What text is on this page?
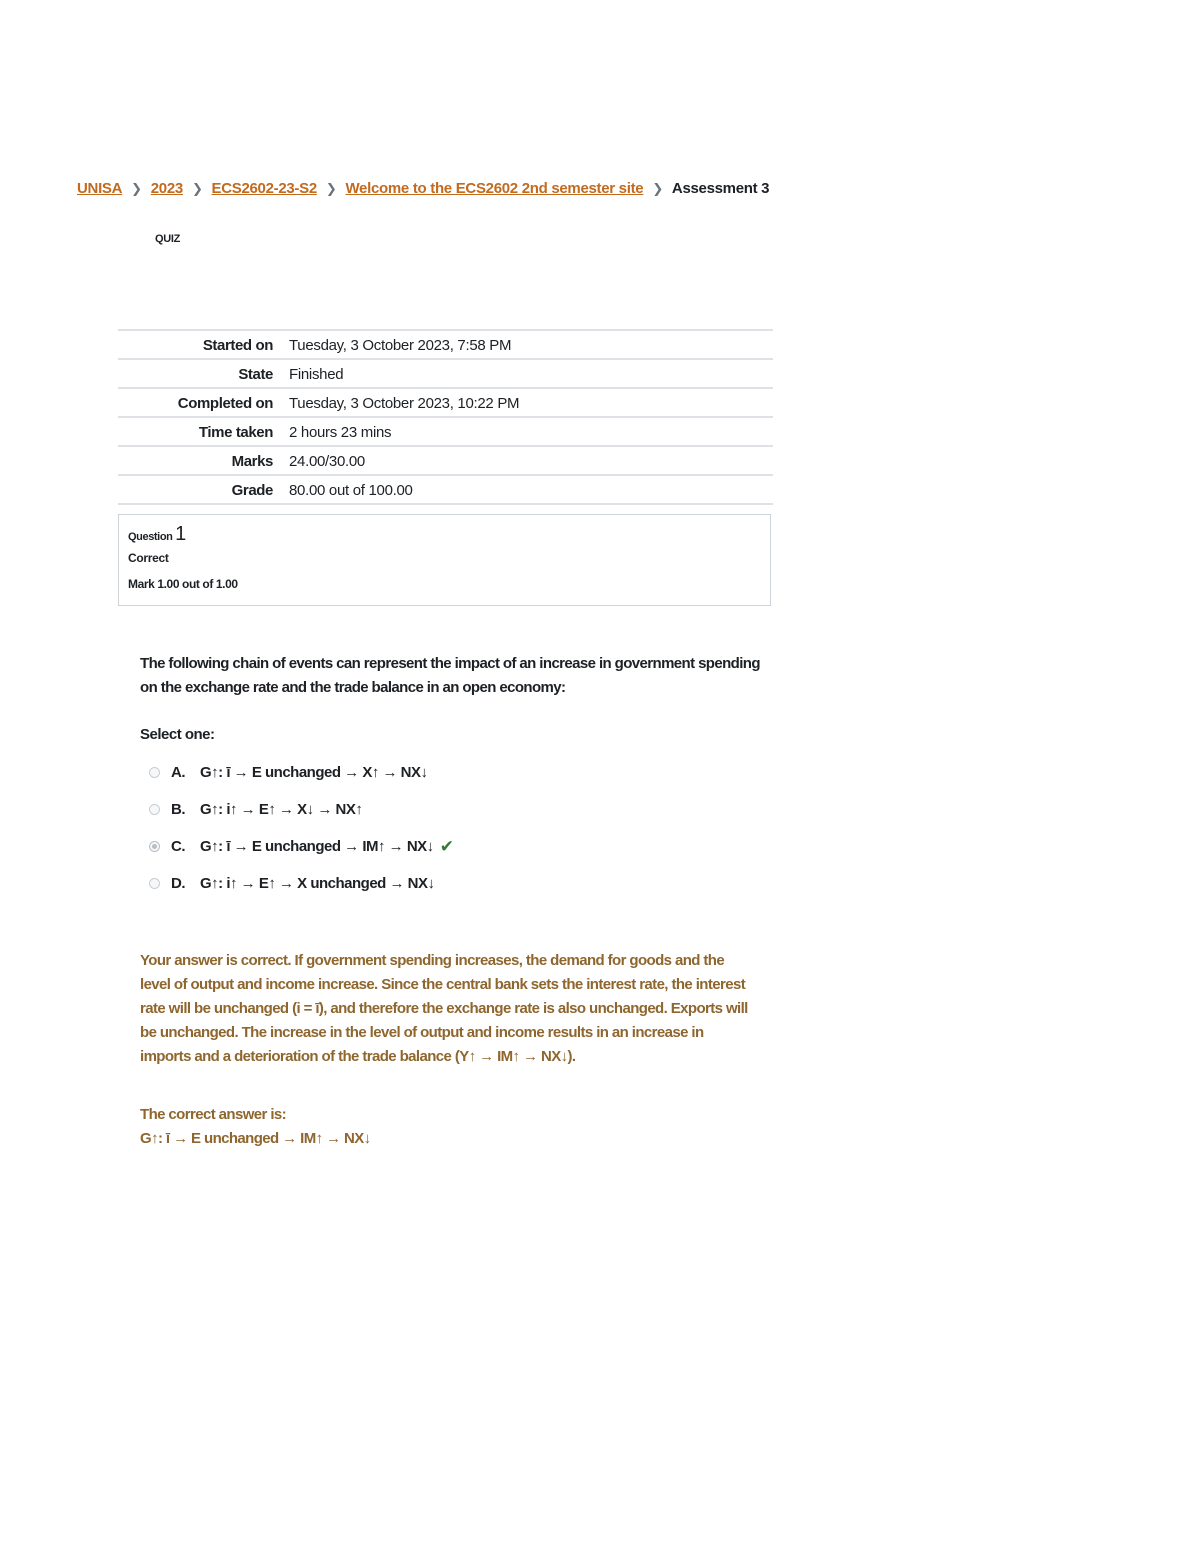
UNISA ❯ 2023 ❯ ECS2602-23-S2 ❯ Welcome to the ECS2602 2nd semester site ❯ Assessment 3
QUIZ
Started on	Tuesday, 3 October 2023, 7:58 PM
State	Finished
Completed on	Tuesday, 3 October 2023, 10:22 PM
Time taken	2 hours 23 mins
Marks	24.00/30.00
Grade	80.00 out of 100.00
Question 1
Correct
Mark 1.00 out of 1.00
The following chain of events can represent the impact of an increase in government spending on the exchange rate and the trade balance in an open economy:
Select one:
A.	G↑: ī → E unchanged → X↑ → NX↓
B.	G↑: i↑ → E↑ → X↓ → NX↑
C.	G↑: ī → E unchanged → IM↑ → NX↓ ✔
D.	G↑: i↑ → E↑ → X unchanged → NX↓
Your answer is correct. If government spending increases, the demand for goods and the level of output and income increase. Since the central bank sets the interest rate, the interest rate will be unchanged (i = ī), and therefore the exchange rate is also unchanged. Exports will be unchanged. The increase in the level of output and income results in an increase in imports and a deterioration of the trade balance (Y↑ → IM↑ → NX↓).
The correct answer is:
G↑: ī → E unchanged → IM↑ → NX↓
